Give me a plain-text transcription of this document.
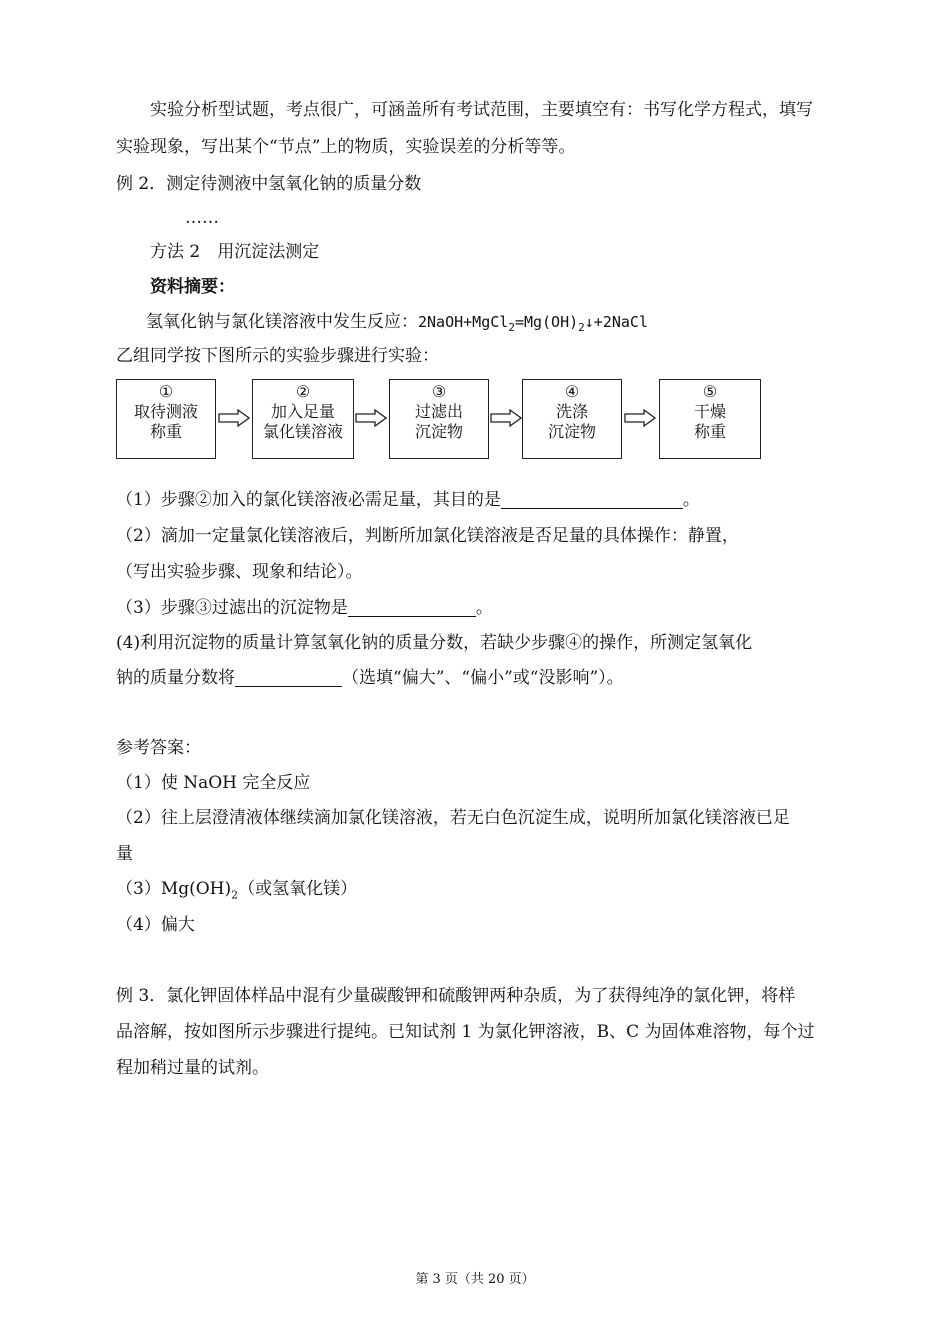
实验分析型试题，考点很广，可涵盖所有考试范围，主要填空有：书写化学方程式，填写
实验现象，写出某个“节点”上的物质，实验误差的分析等等。
例 2．测定待测液中氢氧化钠的质量分数
……
方法 2　用沉淀法测定
资料摘要：
氢氧化钠与氯化镁溶液中发生反应：$2NaOH+MgCl_2=Mg(OH)_2↓+2NaCl$
乙组同学按下图所示的实验步骤进行实验：
①
取待测液
称重
②
加入足量
氯化镁溶液
③
过滤出
沉淀物
④
洗涤
沉淀物
⑤
干燥
称重
（1）步骤②加入的氯化镁溶液必需足量，其目的是	。
（2）滴加一定量氯化镁溶液后，判断所加氯化镁溶液是否足量的具体操作：静置，
（写出实验步骤、现象和结论）。
（3）步骤③过滤出的沉淀物是	。
(4)利用沉淀物的质量计算氢氧化钠的质量分数，若缺少步骤④的操作，所测定氢氧化
钠的质量分数将	（选填“偏大”、“偏小”或“没影响”）。
参考答案：
（1）使 NaOH 完全反应
（2）往上层澄清液体继续滴加氯化镁溶液，若无白色沉淀生成，说明所加氯化镁溶液已足
量
$(3)Mg(OH)_2$（或氢氧化镁）
（4）偏大
例 3．氯化钾固体样品中混有少量碳酸钾和硫酸钾两种杂质，为了获得纯净的氯化钾，将样
品溶解，按如图所示步骤进行提纯。已知试剂 1 为氯化钾溶液，B、C 为固体难溶物，每个过
程加稍过量的试剂。
第 3 页（共 20 页）
